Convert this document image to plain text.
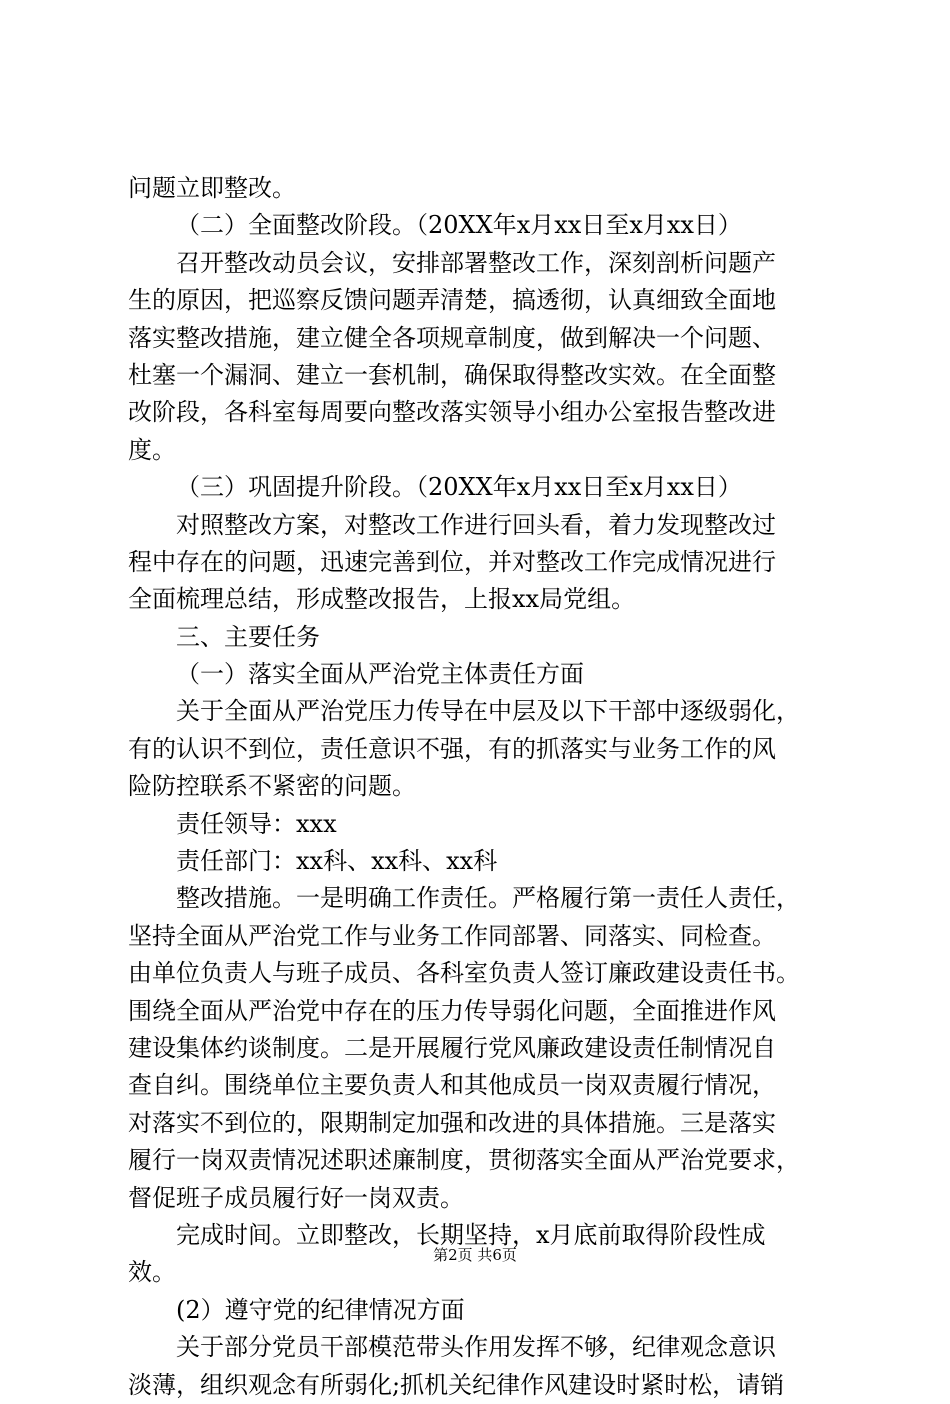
问题立即整改。
（二）全面整改阶段。（20XX年x月xx日至x月xx日）
召开整改动员会议，安排部署整改工作，深刻剖析问题产
生的原因，把巡察反馈问题弄清楚，搞透彻，认真细致全面地
落实整改措施，建立健全各项规章制度，做到解决一个问题、
杜塞一个漏洞、建立一套机制，确保取得整改实效。在全面整
改阶段，各科室每周要向整改落实领导小组办公室报告整改进
度。
（三）巩固提升阶段。（20XX年x月xx日至x月xx日）
对照整改方案，对整改工作进行回头看，着力发现整改过
程中存在的问题，迅速完善到位，并对整改工作完成情况进行
全面梳理总结，形成整改报告，上报xx局党组。
三、主要任务
（一）落实全面从严治党主体责任方面
关于全面从严治党压力传导在中层及以下干部中逐级弱化，
有的认识不到位，责任意识不强，有的抓落实与业务工作的风
险防控联系不紧密的问题。
责任领导：xxx
责任部门：xx科、xx科、xx科
整改措施。一是明确工作责任。严格履行第一责任人责任，
坚持全面从严治党工作与业务工作同部署、同落实、同检查。
由单位负责人与班子成员、各科室负责人签订廉政建设责任书。
围绕全面从严治党中存在的压力传导弱化问题，全面推进作风
建设集体约谈制度。二是开展履行党风廉政建设责任制情况自
查自纠。围绕单位主要负责人和其他成员一岗双责履行情况，
对落实不到位的，限期制定加强和改进的具体措施。三是落实
履行一岗双责情况述职述廉制度，贯彻落实全面从严治党要求，
督促班子成员履行好一岗双责。
完成时间。立即整改，长期坚持，x月底前取得阶段性成
效。
(2）遵守党的纪律情况方面
关于部分党员干部模范带头作用发挥不够，纪律观念意识
淡薄，组织观念有所弱化;抓机关纪律作风建设时紧时松，请销
第2页 共6页
